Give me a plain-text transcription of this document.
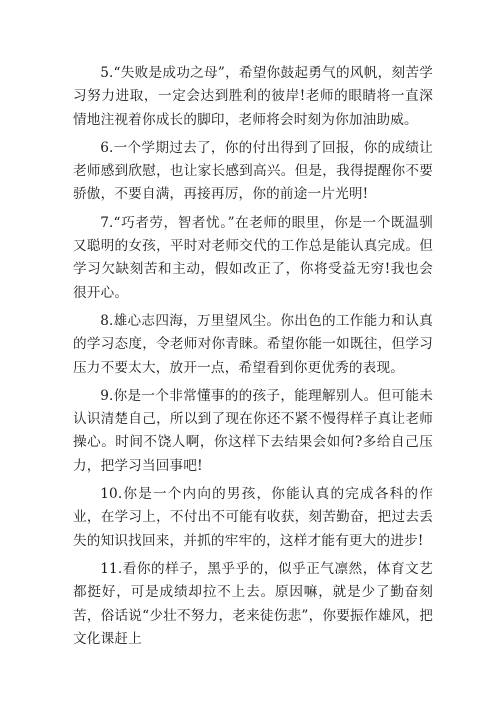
5.“失败是成功之母”，希望你鼓起勇气的风帆，刻苦学习努力进取，一定会达到胜利的彼岸!老师的眼睛将一直深情地注视着你成长的脚印，老师将会时刻为你加油助威。

6.一个学期过去了，你的付出得到了回报，你的成绩让老师感到欣慰，也让家长感到高兴。但是，我得提醒你不要骄傲，不要自满，再接再厉，你的前途一片光明!

7.“巧者劳，智者忧。”在老师的眼里，你是一个既温驯又聪明的女孩，平时对老师交代的工作总是能认真完成。但学习欠缺刻苦和主动，假如改正了，你将受益无穷!我也会很开心。

8.雄心志四海，万里望风尘。你出色的工作能力和认真的学习态度，令老师对你青睐。希望你能一如既往，但学习压力不要太大，放开一点，希望看到你更优秀的表现。

9.你是一个非常懂事的的孩子，能理解别人。但可能未认识清楚自己，所以到了现在你还不紧不慢得样子真让老师操心。时间不饶人啊，你这样下去结果会如何?多给自己压力，把学习当回事吧!

10.你是一个内向的男孩，你能认真的完成各科的作业，在学习上，不付出不可能有收获，刻苦勤奋，把过去丢失的知识找回来，并抓的牢牢的，这样才能有更大的进步!

11.看你的样子，黑乎乎的，似乎正气凛然，体育文艺都挺好，可是成绩却拉不上去。原因嘛，就是少了勤奋刻苦，俗话说“少壮不努力，老来徒伤悲”，你要振作雄风，把文化课赶上
